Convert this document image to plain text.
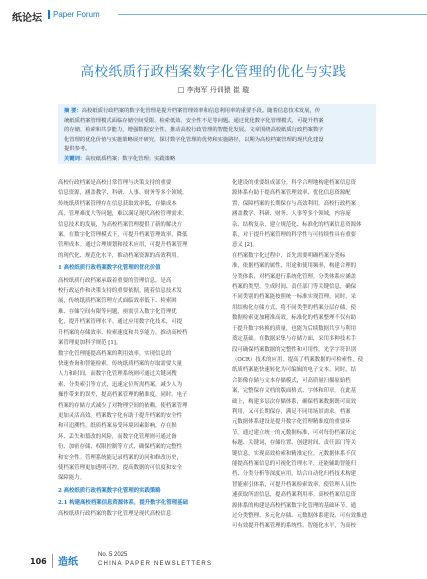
纸论坛 Paper Forum
高校纸质行政档案数字化管理的优化与实践
□ 李海军 丹训猿 崔 璇
摘 要：高校纸质行政档案的数字化管理是提升档案管理效率和信息利用率的重要手段。随着信息技术发展，传
统纸质档案管理模式面临存储空间受限、检索低效、安全性不足等问题。通过优化数字化管理模式，可提升档案
的存储、检索和共享能力，增强数据安全性，推动高校行政管理的智能化发展。文章围绕高校纸质行政档案数字
化管理的优化价值与实施策略展开研究，探讨数字化管理的优势和实施路径，以期为高校档案管理的现代化建设
提供参考。
关键词：高校纸质档案；数字化管理；实践策略
高校行政档案是高校日常管理与决策支持的重要
信息资源，涵盖教学、科研、人事、财务等多个领域。
传统纸质档案管理存在信息获取效率低、存储成本
高、管理难度大等问题，难以满足现代高校管理需求。
信息技术的发展，为高校档案管理提供了新的解决方
案。在数字化管理模式下，可提升档案管理效率，降低
管理成本。通过合理规划和技术应用，可提升档案管理
的现代化、规范化水平，推动档案资源的高效利用。
1 高校纸质行政档案数字化管理的优化价值
高校纸质行政档案承载着重要的管理信息，是高
校行政运作和决策支持的重要依据。随着信息技术发
展，传统纸质档案管理方式面临效率低下、检索困
难、存储空间有限等问题，亟需引入数字化管理优
化，提升档案管理水平。通过应用数字化技术，可提
升档案的存储效率、检索速度和共享能力，推动高校档
案管理更加科学规范 [1]。
数字化管理能提高档案的利用效率。实现信息的
快速查询和智能检索。传统纸质档案的存取需要大量
人力和时间，而数字化管理系统则可通过关键词搜
索、分类索引等方式，迅速定位所需档案，减少人为
操作带来的误差，提高档案管理的精准度。同时，电子
档案的存储方式减少了对物理空间的依赖，使档案管理
更加灵活高效。档案数字化有助于提升档案的安全性
和可追溯性。纸质档案易受环境因素影响，存在损
坏、丢失和篡改的风险，而数字化管理则可通过备
份、加密存储、权限控制等方式，确保档案的完整性
和安全性。管理系统能记录档案的访问和修改历史，
使档案管理更加透明可控，提高数据的可信度和安全
保障能力。
2 高校纸质行政档案数字化管理的实践策略
2.1 构建高校档案信息资源体系，提升数字化管理基础
高校纸质行政档案的数字化管理是现代高校信息
化建设的重要组成部分。科学合理地构建档案信息资
源体系有助于提高档案管理效率、优化信息资源配
置，保障档案的长期保存与高效利用。高校行政档案
涵盖教学、科研、财务、人事等多个领域，内容庞
杂、结构复杂，建立规范化、标准化的档案信息资源体
系，对于提升档案管理的科学性与可持续性具有重要
意义 [2]。
在档案数字化过程中，首先需要明确档案分类标
准，依据档案的属性、用途和使用频率，构建合理的
分类体系，对档案进行系统化管理。分类体系应涵盖
档案的类型、生成时间、责任部门等关键信息，确保
不同类别的档案能按照统一标准实现管理。同时，采
用结构化存储方式，将不同类型的档案分层存储，使
数据检索更加精准高效。标准化的档案整理不仅有助
于提升数字转换的质量，也能为后续数据共享与利用
奠定基础。在数据采集与存储方面，采用多种技术手
段可确保档案数据的完整性和可用性。光学字符识别
（OCR）技术的应用，提高了档案数据的可检索性，使
纸质档案能快速转化为可编辑的电子文本。同时，结
合影像存储与文本存储模式，可高质量扫描原始档
案，完整保存文档的版面格式、字体和印章。在此基
础上，构建多层次存储体系，确保档案数据既可高效
利用，又可长期保存，满足不同用场景需求。档案
元数据体系建设是提升数字化管理精准度的重要环
节。通过建立统一的元数据标准，可对每份档案设定
标题、关键词、存储位置、创建时间、责任部门等关
键信息，实现高效检索和精准定位。元数据体系不仅
能提高档案信息的可视化管理水平，还能辅助智能归
档、分类分析等深度应用，结合自动化归档技术构建
智能索引体系，可提升档案检索效率，使管理人员快
速获取所需信息，提高档案利用率。高校档案信息资
源体系的构建是高校档案数字化管理的基础环节，通
过分类整理、多元化存储、元数据体系建设，可有效推进
可有效提升档案管理的系统性、智能化水平，为高校
106 造纸
No. 5 2025
CHINA PAPER NEWSLETTERS
